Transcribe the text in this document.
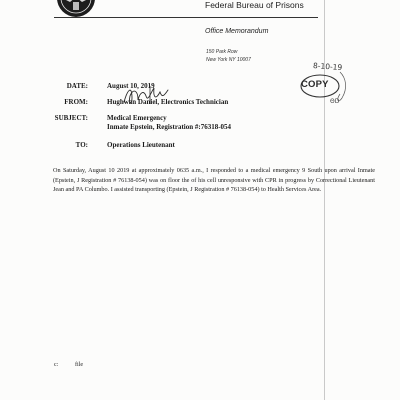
Federal Bureau of Prisons
Office Memorandum
150 Park Row
New York NY 10007
DATE:	August 10, 2019
FROM:	Hughwan Daniel, Electronics Technician
SUBJECT:	Medical Emergency
Inmate Epstein, Registration #:76318-054
TO:	Operations Lieutenant
On Saturday, August 10 2019 at approximately 0635 a.m., I responded to a medical emergency 9 South upon arrival Inmate (Epstein, J Registration # 76138-054) was on floor the of his cell unresponsive with CPR in progress by Correctional Lieutenant Jean and PA Columbo. I assisted transporting (Epstein, J Registration # 76138-054) to Health Services Area.
c:	file
COPY
8-10-19
ΘD
